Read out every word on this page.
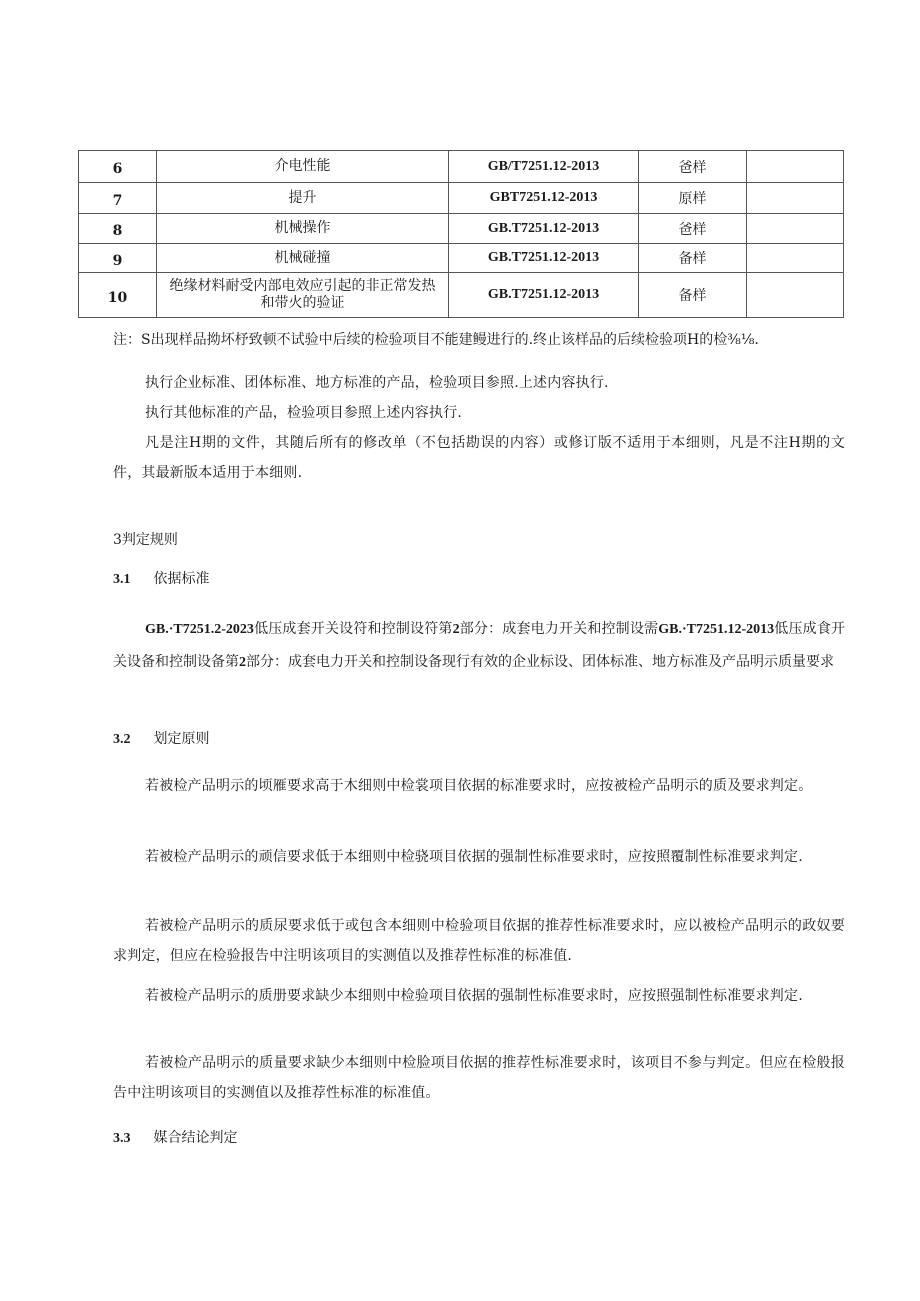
6	介电性能	GB/T7251.12-2013	爸样	
7	提升	GBT7251.12-2013	原样	
8	机械操作	GB.T7251.12-2013	爸样	
9	机械碰撞	GB.T7251.12-2013	备样	
10	绝缘材料耐受内部电效应引起的非正常发热和带火的验证	GB.T7251.12-2013	备样	
注：S出现样品拗坏杼致顿不试验中后续的检验项目不能建鳗进行的.终止该样品的后续检验项H的检⅜⅛.
执行企业标准、团体标准、地方标准的产品，检验项目参照.上述内容执行.
执行其他标准的产品，检验项目参照上述内容执行.
凡是注H期的文件，其随后所有的修改单（不包括勘误的内容）或修订版不适用于本细则，凡是不注H期的文件，其最新版本适用于本细则.
3判定规则
3.1 依据标准
GB.·T7251.2-2023低压成套开关设符和控制设符第2部分：成套电力开关和控制设需GB.·T7251.12-2013低压成食开关设备和控制设备第2部分：成套电力开关和控制设备现行有效的企业标设、团体标准、地方标准及产品明示质量要求
3.2 划定原则
若被检产品明示的顷雁要求高于木细则中检裳项目依据的标准要求时，应按被检产品明示的质及要求判定。
若被检产品明示的顽信要求低于本细则中检骁项目依据的强制性标准要求时，应按照覆制性标准要求判定.
若被检产品明示的质尿要求低于或包含本细则中检验项目依据的推荐性标准要求时，应以被检产品明示的政奴要求判定，但应在检验报告中注明该项目的实测值以及推荐性标准的标准值.
若被检产品明示的质册要求缺少本细则中检验项目依据的强制性标准要求时，应按照强制性标准要求判定.
若被检产品明示的质量要求缺少本细则中检脸项目依据的推荐性标准要求时，该项目不参与判定。但应在检般报告中注明该项目的实测值以及推荐性标准的标准值。
3.3 媒合结论判定
